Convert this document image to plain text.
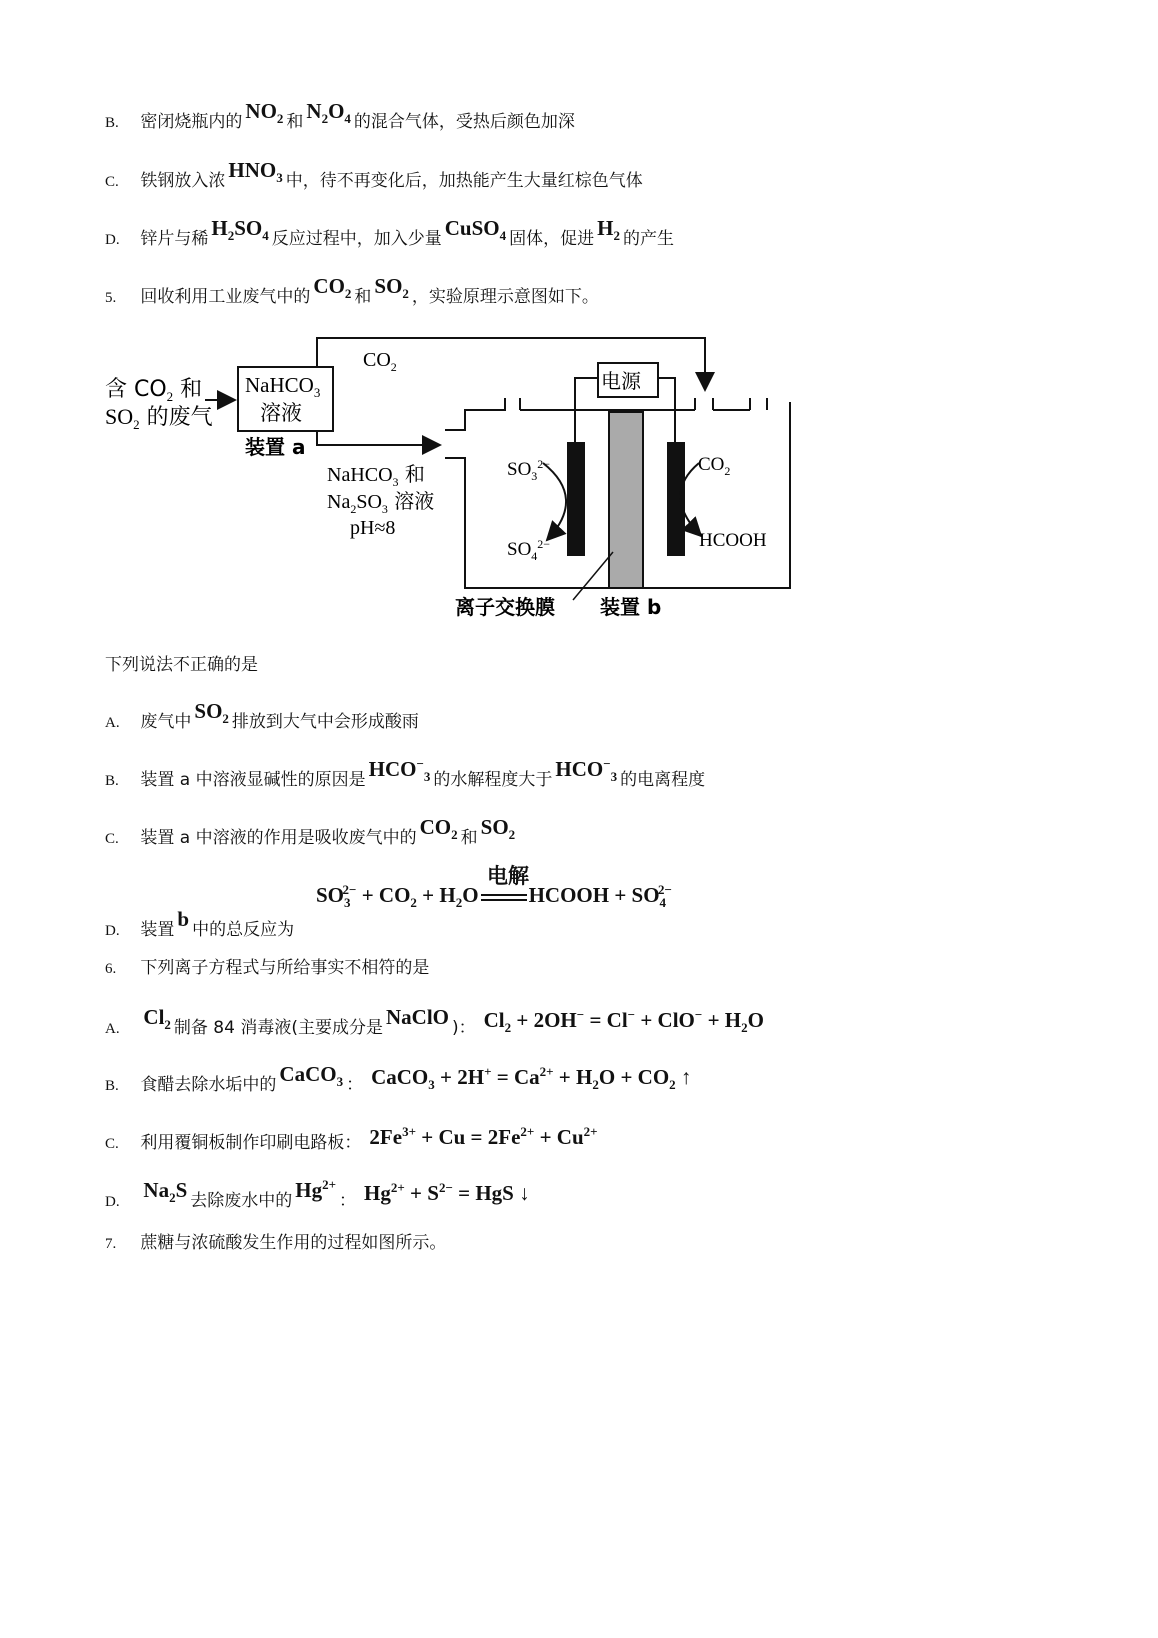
B. 密闭烧瓶内的 $NO_2$ 和 $N_2O_4$ 的混合气体，受热后颜色加深
C. 铁钢放入浓 $HNO_3$ 中，待不再变化后，加热能产生大量红棕色气体
D. 锌片与稀 $H_2SO_4$ 反应过程中，加入少量 CuSO$_4$ 固体，促进 $H_2$ 的产生
5. 回收利用工业废气中的 $CO_2$ 和 $SO_2$ ，实验原理示意图如下。
含 $CO_2$ 和
$SO_2$ 的废气
NaHCO$_3$
溶液
装置 a
$CO_2$
NaHCO$_3$ 和
$Na_2SO_3$ 溶液
pH≈8
电源
$SO_3^{2-}$
$SO_4^{2-}$
$CO_2$
HCOOH
离子交换膜 装置 b
下列说法不正确的是
A. 废气中 $SO_2$ 排放到大气中会形成酸雨
B. 装置 a 中溶液显碱性的原因是 $HCO^-_3$ 的水解程度大于 $HCO^-_3$ 的电离程度
C. 装置 a 中溶液的作用是吸收废气中的 $CO_2$ 和 $SO_2$
电解
$SO_3^{2-} + CO_2 + H_2O$ HCOOH + $SO_4^{2-}$
D. 装置 b 中的总反应为
6. 下列离子方程式与所给事实不相符的是
A. $Cl_2$ 制备 84 消毒液(主要成分是 NaClO )： $Cl_2 + 2OH^- = Cl^- + ClO^- + H_2O$
B. 食醋去除水垢中的 CaCO$_3$ ： CaCO$_3$ + $2H^+ = Ca^{2+} + H_2O + CO_2$ ↑
C. 利用覆铜板制作印刷电路板： $2Fe^{3+} + Cu = 2Fe^{2+} + Cu^{2+}$
D. $Na_2S$ 去除废水中的 $Hg^{2+}$： $Hg^{2+} + S^{2-}$ = HgS ↓
7. 蔗糖与浓硫酸发生作用的过程如图所示。
